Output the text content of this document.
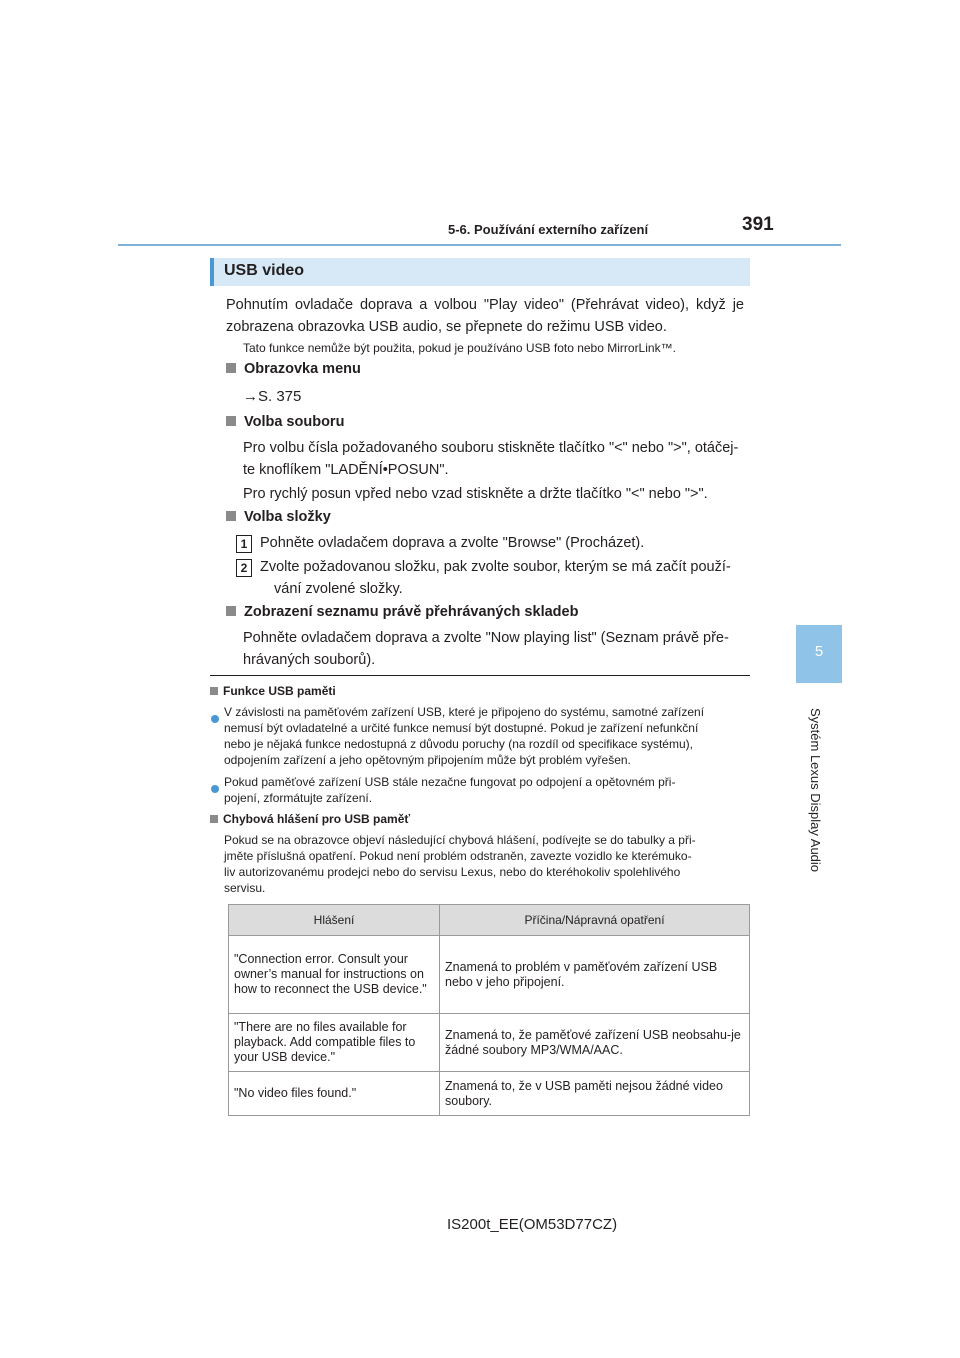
5-6. Používání externího zařízení	391
5
Systém Lexus Display Audio
USB video
Pohnutím ovladače doprava a volbou "Play video" (Přehrávat video), když je zobrazena obrazovka USB audio, se přepnete do režimu USB video.
Tato funkce nemůže být použita, pokud je používáno USB foto nebo MirrorLink™.
Obrazovka menu
→S. 375
Volba souboru
Pro volbu čísla požadovaného souboru stiskněte tlačítko "<" nebo ">", otáčej-
te knoflíkem "LADĚNÍ•POSUN".
Pro rychlý posun vpřed nebo vzad stiskněte a držte tlačítko "<" nebo ">".
Volba složky
1 Pohněte ovladačem doprava a zvolte "Browse" (Procházet).
2 Zvolte požadovanou složku, pak zvolte soubor, kterým se má začít použí-
vání zvolené složky.
Zobrazení seznamu právě přehrávaných skladeb
Pohněte ovladačem doprava a zvolte "Now playing list" (Seznam právě pře-
hrávaných souborů).
Funkce USB paměti
V závislosti na paměťovém zařízení USB, které je připojeno do systému, samotné zařízení
nemusí být ovladatelné a určité funkce nemusí být dostupné. Pokud je zařízení nefunkční
nebo je nějaká funkce nedostupná z důvodu poruchy (na rozdíl od specifikace systému),
odpojením zařízení a jeho opětovným připojením může být problém vyřešen.
Pokud paměťové zařízení USB stále nezačne fungovat po odpojení a opětovném při-
pojení, zformátujte zařízení.
Chybová hlášení pro USB paměť
Pokud se na obrazovce objeví následující chybová hlášení, podívejte se do tabulky a při-
jměte příslušná opatření. Pokud není problém odstraněn, zavezte vozidlo ke kterémuko-
liv autorizovanému prodejci nebo do servisu Lexus, nebo do kteréhokoliv spolehlivého
servisu.
Hlášení	Příčina/Nápravná opatření
"Connection error. Consult your owner’s manual for instructions on how to reconnect the USB device."	Znamená to problém v paměťovém zařízení USB nebo v jeho připojení.
"There are no files available for playback. Add compatible files to your USB device."	Znamená to, že paměťové zařízení USB neobsahu-je žádné soubory MP3/WMA/AAC.
"No video files found."	Znamená to, že v USB paměti nejsou žádné video soubory.
IS200t_EE(OM53D77CZ)
